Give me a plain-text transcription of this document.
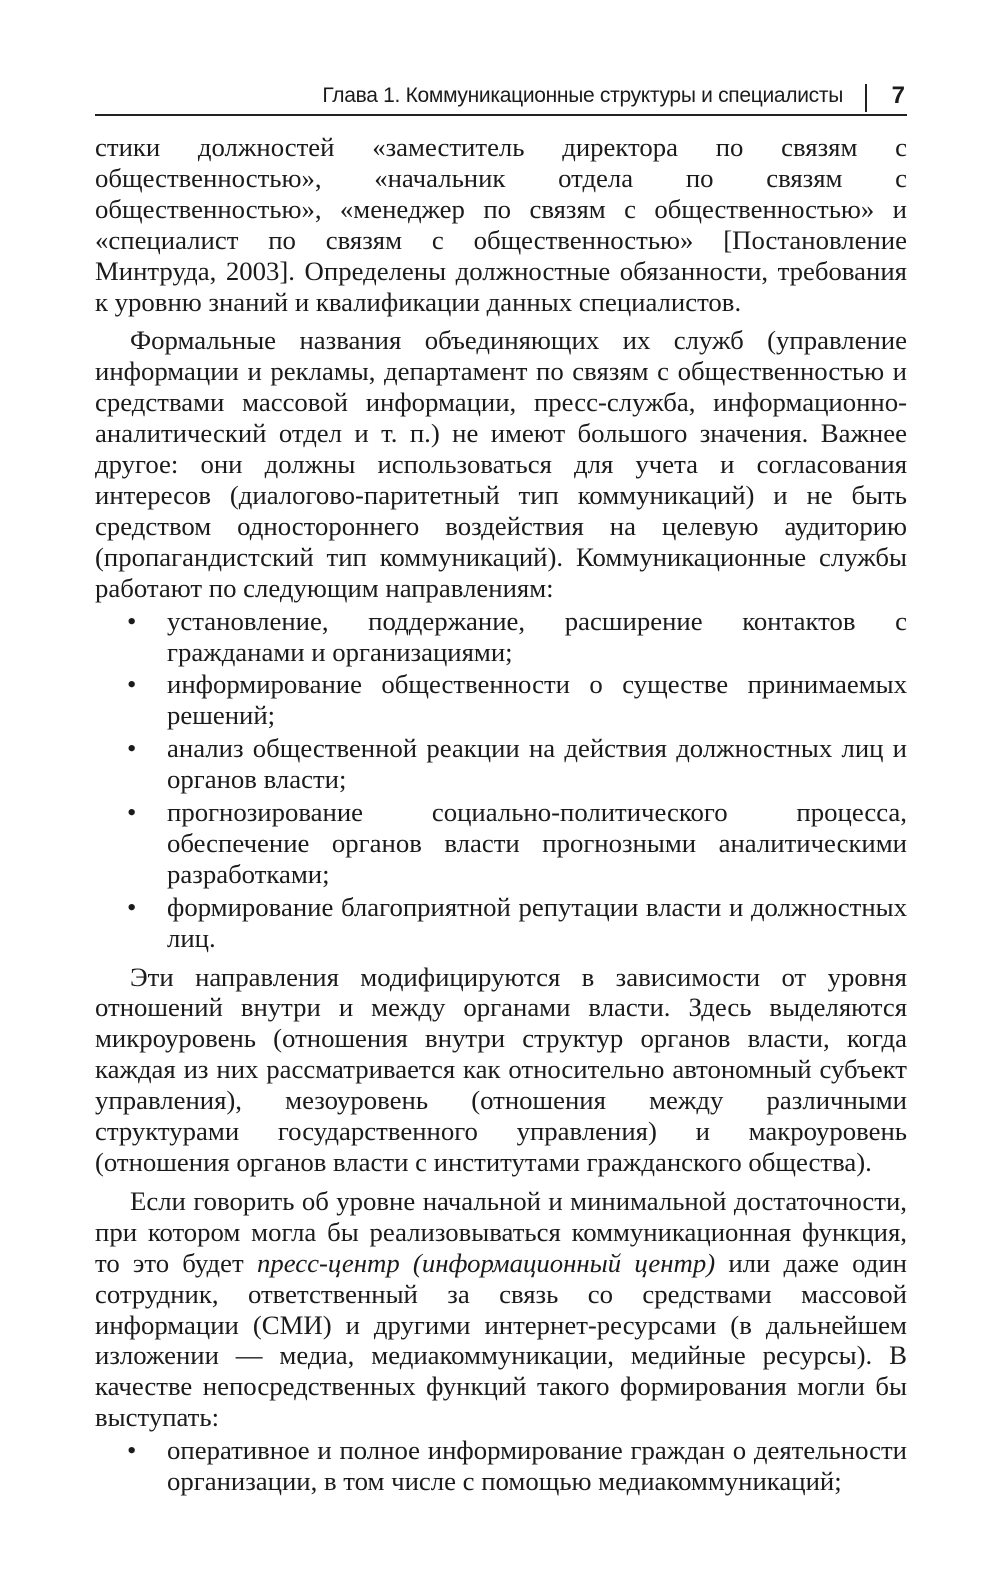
Глава 1. Коммуникационные структуры и специалисты 7

стики должностей «заместитель директора по связям с общественностью», «начальник отдела по связям с общественностью», «менеджер по связям с общественностью» и «специалист по связям с общественностью» [Постановление Минтруда, 2003]. Определены должностные обязанности, требования к уровню знаний и квалификации данных специалистов.

Формальные названия объединяющих их служб (управление информации и рекламы, департамент по связям с общественностью и средствами массовой информации, пресс-служба, информационно-аналитический отдел и т. п.) не имеют большого значения. Важнее другое: они должны использоваться для учета и согласования интересов (диалогово-паритетный тип коммуникаций) и не быть средством одностороннего воздействия на целевую аудиторию (пропагандистский тип коммуникаций). Коммуникационные службы работают по следующим направлениям:

• установление, поддержание, расширение контактов с гражданами и организациями;
• информирование общественности о существе принимаемых решений;
• анализ общественной реакции на действия должностных лиц и органов власти;
• прогнозирование социально-политического процесса, обеспечение органов власти прогнозными аналитическими разработками;
• формирование благоприятной репутации власти и должностных лиц.

Эти направления модифицируются в зависимости от уровня отношений внутри и между органами власти. Здесь выделяются микроуровень (отношения внутри структур органов власти, когда каждая из них рассматривается как относительно автономный субъект управления), мезоуровень (отношения между различными структурами государственного управления) и макроуровень (отношения органов власти с институтами гражданского общества).

Если говорить об уровне начальной и минимальной достаточности, при котором могла бы реализовываться коммуникационная функция, то это будет пресс-центр (информационный центр) или даже один сотрудник, ответственный за связь со средствами массовой информации (СМИ) и другими интернет-ресурсами (в дальнейшем изложении — медиа, медиакоммуникации, медийные ресурсы). В качестве непосредственных функций такого формирования могли бы выступать:

• оперативное и полное информирование граждан о деятельности организации, в том числе с помощью медиакоммуникаций;
